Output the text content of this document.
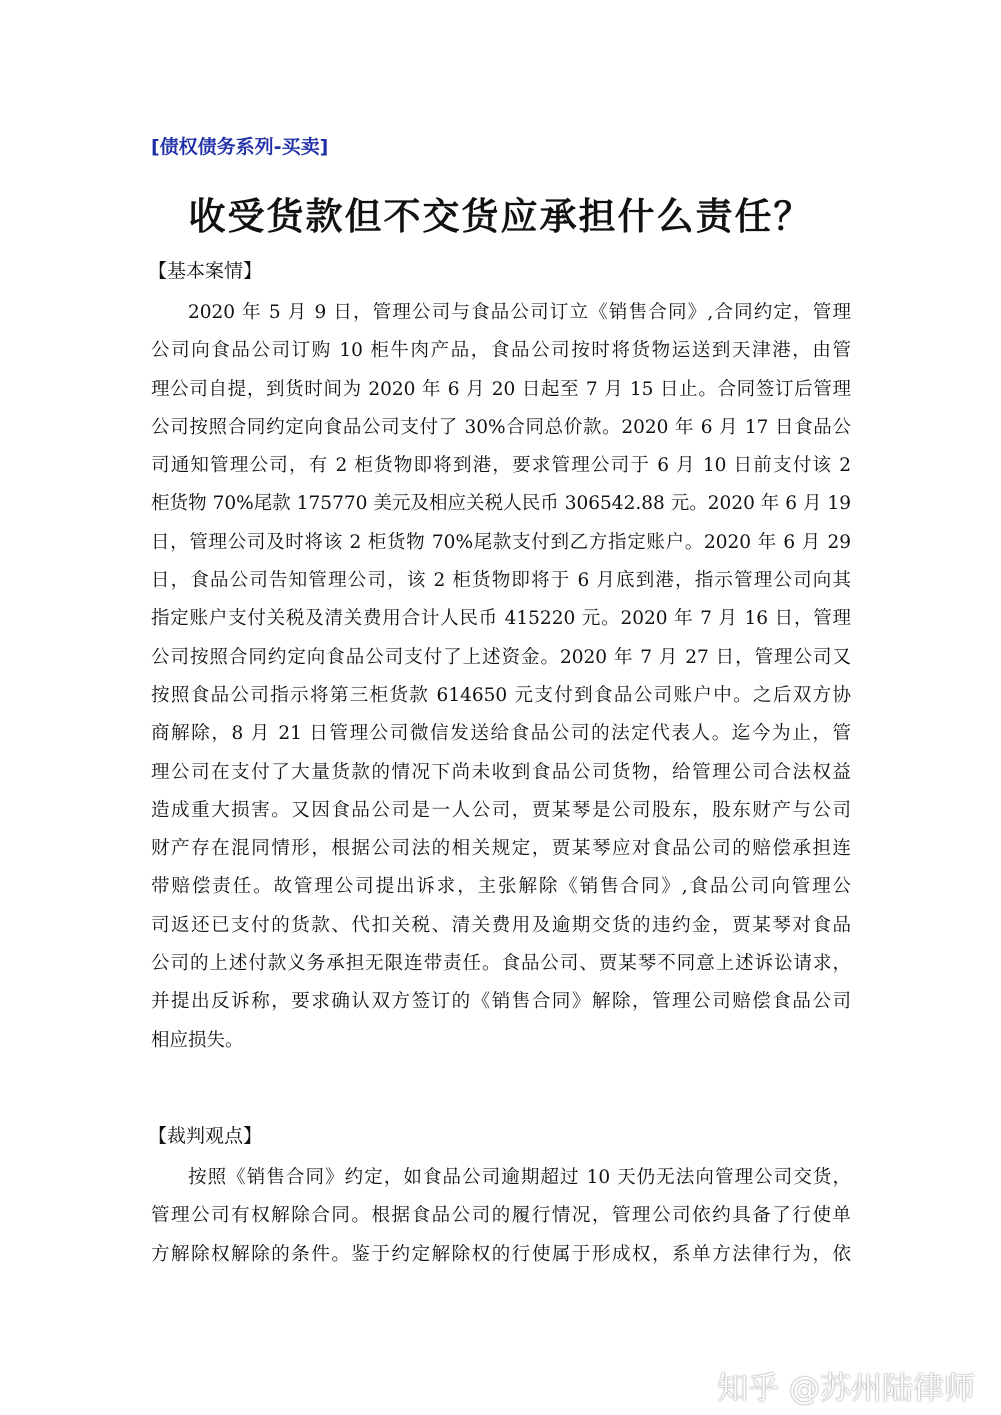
[债权债务系列-买卖]
收受货款但不交货应承担什么责任？
【基本案情】
2020 年 5 月 9 日，管理公司与食品公司订立《销售合同》,合同约定，管理
公司向食品公司订购 10 柜牛肉产品，食品公司按时将货物运送到天津港，由管
理公司自提，到货时间为 2020 年 6 月 20 日起至 7 月 15 日止。合同签订后管理
公司按照合同约定向食品公司支付了 30%合同总价款。2020 年 6 月 17 日食品公
司通知管理公司，有 2 柜货物即将到港，要求管理公司于 6 月 10 日前支付该 2
柜货物 70%尾款 175770 美元及相应关税人民币 306542.88 元。2020 年 6 月 19
日，管理公司及时将该 2 柜货物 70%尾款支付到乙方指定账户。2020 年 6 月 29
日，食品公司告知管理公司，该 2 柜货物即将于 6 月底到港，指示管理公司向其
指定账户支付关税及清关费用合计人民币 415220 元。2020 年 7 月 16 日，管理
公司按照合同约定向食品公司支付了上述资金。2020 年 7 月 27 日，管理公司又
按照食品公司指示将第三柜货款 614650 元支付到食品公司账户中。之后双方协
商解除，8 月 21 日管理公司微信发送给食品公司的法定代表人。迄今为止，管
理公司在支付了大量货款的情况下尚未收到食品公司货物，给管理公司合法权益
造成重大损害。又因食品公司是一人公司，贾某琴是公司股东，股东财产与公司
财产存在混同情形，根据公司法的相关规定，贾某琴应对食品公司的赔偿承担连
带赔偿责任。故管理公司提出诉求，主张解除《销售合同》,食品公司向管理公
司返还已支付的货款、代扣关税、清关费用及逾期交货的违约金，贾某琴对食品
公司的上述付款义务承担无限连带责任。食品公司、贾某琴不同意上述诉讼请求，
并提出反诉称，要求确认双方签订的《销售合同》解除，管理公司赔偿食品公司
相应损失。
【裁判观点】
按照《销售合同》约定，如食品公司逾期超过 10 天仍无法向管理公司交货，
管理公司有权解除合同。根据食品公司的履行情况，管理公司依约具备了行使单
方解除权解除的条件。鉴于约定解除权的行使属于形成权，系单方法律行为，依
知乎 @苏州陆律师
